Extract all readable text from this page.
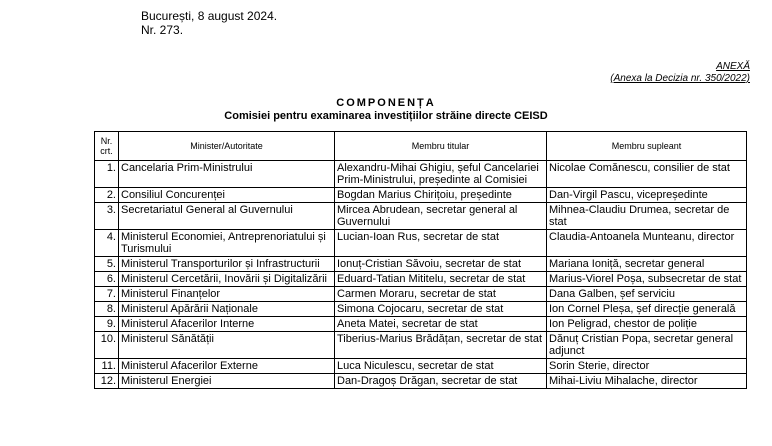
București, 8 august 2024.
Nr. 273.
ANEXĂ
(Anexa la Decizia nr. 350/2022)
COMPONENȚA
Comisiei pentru examinarea investițiilor străine directe CEISD
Nr. crt.	Minister/Autoritate	Membru titular	Membru supleant
1.	Cancelaria Prim-Ministrului	Alexandru-Mihai Ghigiu, șeful Cancelariei Prim-Ministrului, președinte al Comisiei	Nicolae Comănescu, consilier de stat
2.	Consiliul Concurenței	Bogdan Marius Chirițoiu, președinte	Dan-Virgil Pascu, vicepreședinte
3.	Secretariatul General al Guvernului	Mircea Abrudean, secretar general al Guvernului	Mihnea-Claudiu Drumea, secretar de stat
4.	Ministerul Economiei, Antreprenoriatului și Turismului	Lucian-Ioan Rus, secretar de stat	Claudia-Antoanela Munteanu, director
5.	Ministerul Transporturilor și Infrastructurii	Ionuț-Cristian Săvoiu, secretar de stat	Mariana Ioniță, secretar general
6.	Ministerul Cercetării, Inovării și Digitalizării	Eduard-Tatian Mititelu, secretar de stat	Marius-Viorel Poșa, subsecretar de stat
7.	Ministerul Finanțelor	Carmen Moraru, secretar de stat	Dana Galben, șef serviciu
8.	Ministerul Apărării Naționale	Simona Cojocaru, secretar de stat	Ion Cornel Pleșa, șef direcție generală
9.	Ministerul Afacerilor Interne	Aneta Matei, secretar de stat	Ion Peligrad, chestor de poliție
10.	Ministerul Sănătății	Tiberius-Marius Brădățan, secretar de stat	Dănuț Cristian Popa, secretar general adjunct
11.	Ministerul Afacerilor Externe	Luca Niculescu, secretar de stat	Sorin Sterie, director
12.	Ministerul Energiei	Dan-Dragoș Drăgan, secretar de stat	Mihai-Liviu Mihalache, director
